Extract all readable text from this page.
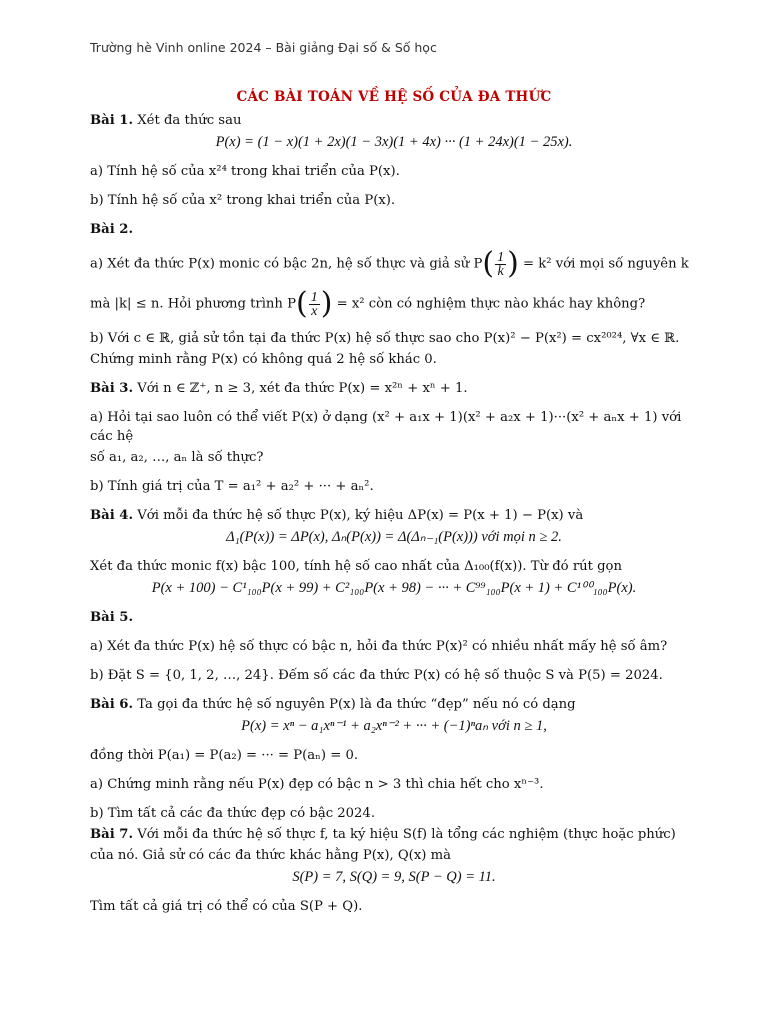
Trường hè Vinh online 2024 – Bài giảng Đại số & Số học
CÁC BÀI TOÁN VỀ HỆ SỐ CỦA ĐA THỨC
Bài 1. Xét đa thức sau
P(x) = (1 − x)(1 + 2x)(1 − 3x)(1 + 4x) ··· (1 + 24x)(1 − 25x).
a) Tính hệ số của x²⁴ trong khai triển của P(x).
b) Tính hệ số của x² trong khai triển của P(x).
Bài 2.
a) Xét đa thức P(x) monic có bậc 2n, hệ số thực và giả sử $P( \frac{1}{k}$ ) = k² với mọi số nguyên k
mà |k| ≤ n. Hỏi phương trình $P( \frac{1}{x}$ ) = x² còn có nghiệm thực nào khác hay không?
b) Với c ∈ ℝ, giả sử tồn tại đa thức P(x) hệ số thực sao cho P(x)² − P(x²) = cx²⁰²⁴, ∀x ∈ ℝ.
Chứng minh rằng P(x) có không quá 2 hệ số khác 0.
Bài 3. Với n ∈ ℤ⁺, n ≥ 3, xét đa thức P(x) = x²ⁿ + xⁿ + 1.
a) Hỏi tại sao luôn có thể viết P(x) ở dạng (x² + a₁x + 1)(x² + a₂x + 1)···(x² + aₙx + 1) với các hệ
số a₁, a₂, …, aₙ là số thực?
b) Tính giá trị của T = a₁² + a₂² + ··· + aₙ².
Bài 4. Với mỗi đa thức hệ số thực P(x), ký hiệu ΔP(x) = P(x + 1) − P(x) và
Δ₁(P(x)) = ΔP(x), Δₙ(P(x)) = Δ(Δₙ₋₁(P(x))) với mọi n ≥ 2.
Xét đa thức monic f(x) bậc 100, tính hệ số cao nhất của Δ₁₀₀(f(x)). Từ đó rút gọn
P(x + 100) − C¹₁₀₀P(x + 99) + C²₁₀₀P(x + 98) − ··· + C⁹⁹₁₀₀P(x + 1) + C¹⁰⁰₁₀₀P(x).
Bài 5.
a) Xét đa thức P(x) hệ số thực có bậc n, hỏi đa thức P(x)² có nhiều nhất mấy hệ số âm?
b) Đặt S = {0, 1, 2, …, 24}. Đếm số các đa thức P(x) có hệ số thuộc S và P(5) = 2024.
Bài 6. Ta gọi đa thức hệ số nguyên P(x) là đa thức “đẹp” nếu nó có dạng
P(x) = xⁿ − a₁xⁿ⁻¹ + a₂xⁿ⁻² + ··· + (−1)ⁿaₙ với n ≥ 1,
đồng thời P(a₁) = P(a₂) = ··· = P(aₙ) = 0.
a) Chứng minh rằng nếu P(x) đẹp có bậc n > 3 thì chia hết cho xⁿ⁻³.
b) Tìm tất cả các đa thức đẹp có bậc 2024.
Bài 7. Với mỗi đa thức hệ số thực f, ta ký hiệu S(f) là tổng các nghiệm (thực hoặc phức)
của nó. Giả sử có các đa thức khác hằng P(x), Q(x) mà
S(P) = 7, S(Q) = 9, S(P − Q) = 11.
Tìm tất cả giá trị có thể có của S(P + Q).
